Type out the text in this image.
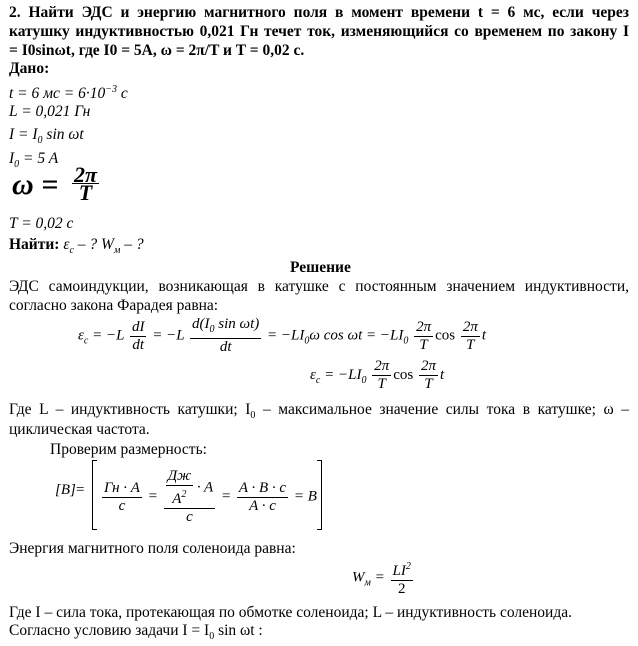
2. Найти ЭДС и энергию магнитного поля в момент времени t = 6 мс, если через
катушку индуктивностью 0,021 Гн течет ток, изменяющийся со временем по закону I
= I0sinωt, где I0 = 5A, ω = 2π/T и T = 0,02 с.
Дано:
t = 6 мс = $6\cdot 10^{-3}$ с
L = 0,021 Гн
$I = I_0$ sin ωt
$I_0 = 5$ A
$\omega = \frac{2\pi}{T}$
T = 0,02 с
Найти: $\varepsilon_с$ – ? $W_м$ – ?
Решение
ЭДС самоиндукции, возникающая в катушке с постоянным значением индуктивности,
согласно закона Фарадея равна:
$\varepsilon_с = -L \frac{dI}{dt} = -L \frac{d(I_0 \sin \omega t)}{dt} = -LI_0\omega$ $\cos \omega t = -LI_0 \frac{2\pi}{T}$ $\cos \frac{2\pi}{T}$ t
$\varepsilon_с = -LI_0 \frac{2\pi}{T}$ $\cos \frac{2\pi}{T}$ t
Где L – индуктивность катушки; $I_0$ – максимальное значение силы тока в катушке; ω –
циклическая частота.
Проверим размерность:
$[B] = \frac{Гн \cdot A}{с} = \frac{\frac{Дж}{A^2} \cdot A}{с} = \frac{A \cdot B \cdot с}{A \cdot с} = B$
Энергия магнитного поля соленоида равна:
$W_м = \frac{LI^2}{2}$
Где I – сила тока, протекающая по обмотке соленоида; L – индуктивность соленоида.
Согласно условию задачи $I = I_0$ sin ωt :
